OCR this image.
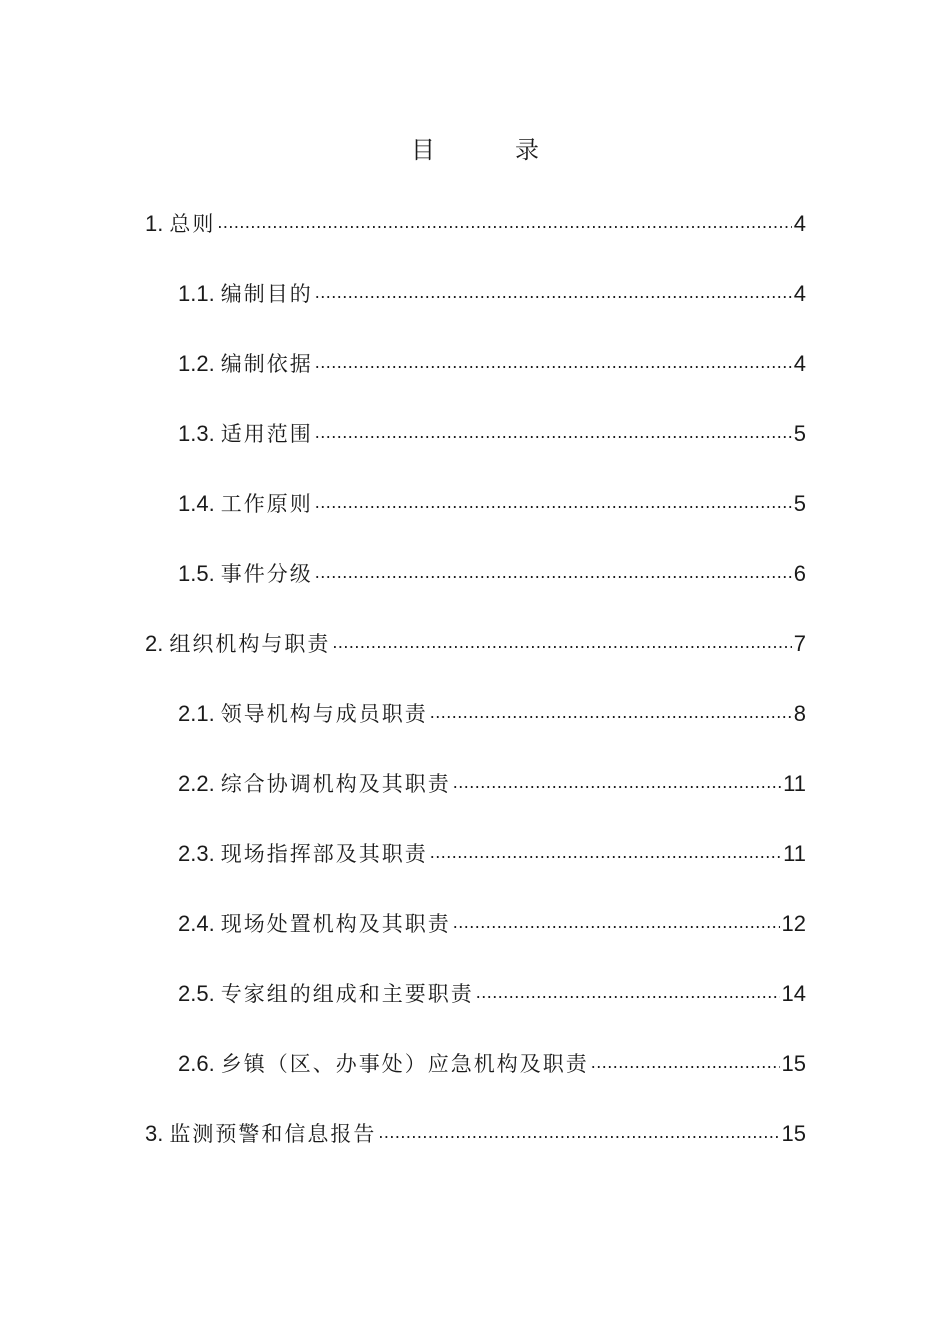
目	录
1. 总则 .....	4
1.1. 编制目的 .....	4
1.2. 编制依据 .....	4
1.3. 适用范围 .....	5
1.4. 工作原则 .....	5
1.5. 事件分级 .....	6
2. 组织机构与职责 .....	7
2.1. 领导机构与成员职责 .....	8
2.2. 综合协调机构及其职责 .....	11
2.3. 现场指挥部及其职责 .....	11
2.4. 现场处置机构及其职责 .....	12
2.5. 专家组的组成和主要职责 .....	14
2.6. 乡镇（区、办事处）应急机构及职责 .....	15
3. 监测预警和信息报告 .....	15
